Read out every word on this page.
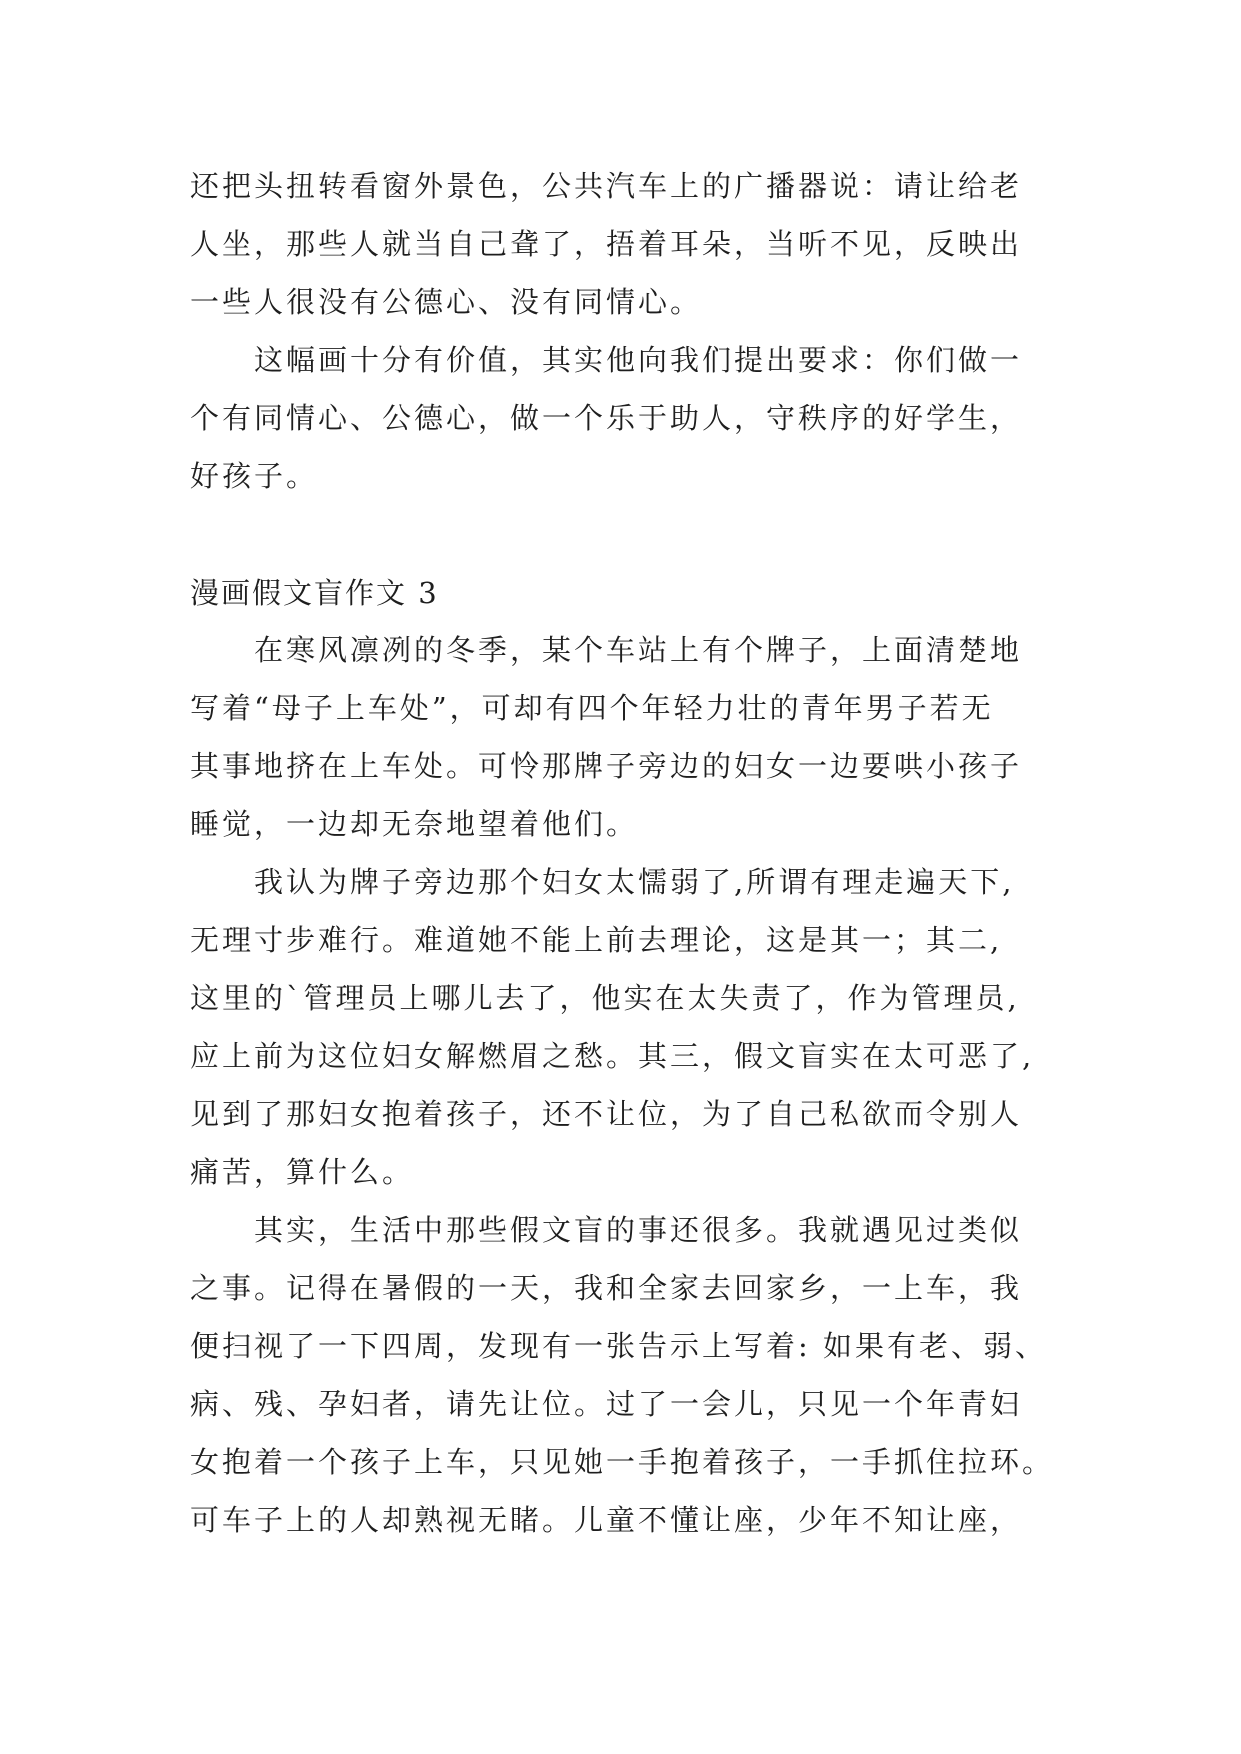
还把头扭转看窗外景色，公共汽车上的广播器说：请让给老
人坐，那些人就当自己聋了，捂着耳朵，当听不见，反映出
一些人很没有公德心、没有同情心。
　　这幅画十分有价值，其实他向我们提出要求：你们做一
个有同情心、公德心，做一个乐于助人，守秩序的好学生，
好孩子。
漫画假文盲作文 3
　　在寒风凛冽的冬季，某个车站上有个牌子，上面清楚地
写着“母子上车处”，可却有四个年轻力壮的青年男子若无
其事地挤在上车处。可怜那牌子旁边的妇女一边要哄小孩子
睡觉，一边却无奈地望着他们。
　　我认为牌子旁边那个妇女太懦弱了,所谓有理走遍天下,
无理寸步难行。难道她不能上前去理论，这是其一；其二,
这里的`管理员上哪儿去了，他实在太失责了，作为管理员,
应上前为这位妇女解燃眉之愁。其三，假文盲实在太可恶了,
见到了那妇女抱着孩子，还不让位，为了自己私欲而令别人
痛苦，算什么。
　　其实，生活中那些假文盲的事还很多。我就遇见过类似
之事。记得在暑假的一天，我和全家去回家乡，一上车，我
便扫视了一下四周，发现有一张告示上写着: 如果有老、弱、
病、残、孕妇者，请先让位。过了一会儿，只见一个年青妇
女抱着一个孩子上车，只见她一手抱着孩子，一手抓住拉环。
可车子上的人却熟视无睹。儿童不懂让座，少年不知让座，
